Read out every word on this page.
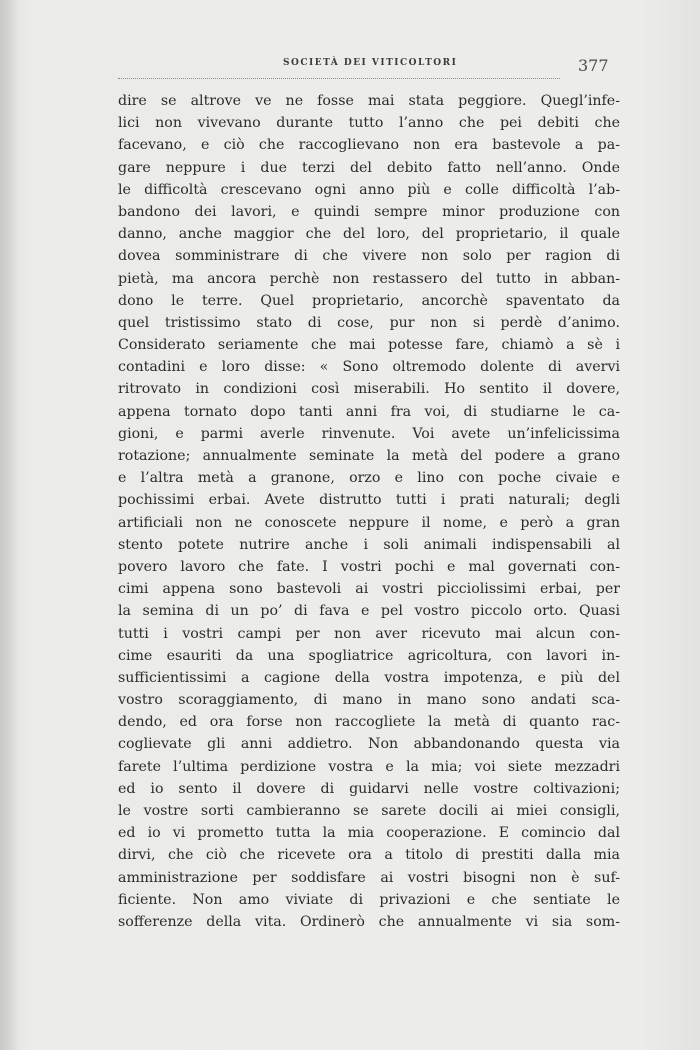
SOCIETÀ DEI VITICOLTORI	377
dire se altrove ve ne fosse mai stata peggiore. Quegl’infe-
lici non vivevano durante tutto l’anno che pei debiti che
facevano, e ciò che raccoglievano non era bastevole a pa-
gare neppure i due terzi del debito fatto nell’anno. Onde
le difficoltà crescevano ogni anno più e colle difficoltà l’ab-
bandono dei lavori, e quindi sempre minor produzione con
danno, anche maggior che del loro, del proprietario, il quale
dovea somministrare di che vivere non solo per ragion di
pietà, ma ancora perchè non restassero del tutto in abban-
dono le terre. Quel proprietario, ancorchè spaventato da
quel tristissimo stato di cose, pur non si perdè d’animo.
Considerato seriamente che mai potesse fare, chiamò a sè i
contadini e loro disse: « Sono oltremodo dolente di avervi
ritrovato in condizioni così miserabili. Ho sentito il dovere,
appena tornato dopo tanti anni fra voi, di studiarne le ca-
gioni, e parmi averle rinvenute. Voi avete un’infelicissima
rotazione; annualmente seminate la metà del podere a grano
e l’altra metà a granone, orzo e lino con poche civaie e
pochissimi erbai. Avete distrutto tutti i prati naturali; degli
artificiali non ne conoscete neppure il nome, e però a gran
stento potete nutrire anche i soli animali indispensabili al
povero lavoro che fate. I vostri pochi e mal governati con-
cimi appena sono bastevoli ai vostri picciolissimi erbai, per
la semina di un po’ di fava e pel vostro piccolo orto. Quasi
tutti i vostri campi per non aver ricevuto mai alcun con-
cime esauriti da una spogliatrice agricoltura, con lavori in-
sufficientissimi a cagione della vostra impotenza, e più del
vostro scoraggiamento, di mano in mano sono andati sca-
dendo, ed ora forse non raccogliete la metà di quanto rac-
coglievate gli anni addietro. Non abbandonando questa via
farete l’ultima perdizione vostra e la mia; voi siete mezzadri
ed io sento il dovere di guidarvi nelle vostre coltivazioni;
le vostre sorti cambieranno se sarete docili ai miei consigli,
ed io vi prometto tutta la mia cooperazione. E comincio dal
dirvi, che ciò che ricevete ora a titolo di prestiti dalla mia
amministrazione per soddisfare ai vostri bisogni non è suf-
ficiente. Non amo viviate di privazioni e che sentiate le
sofferenze della vita. Ordinerò che annualmente vi sia som-
